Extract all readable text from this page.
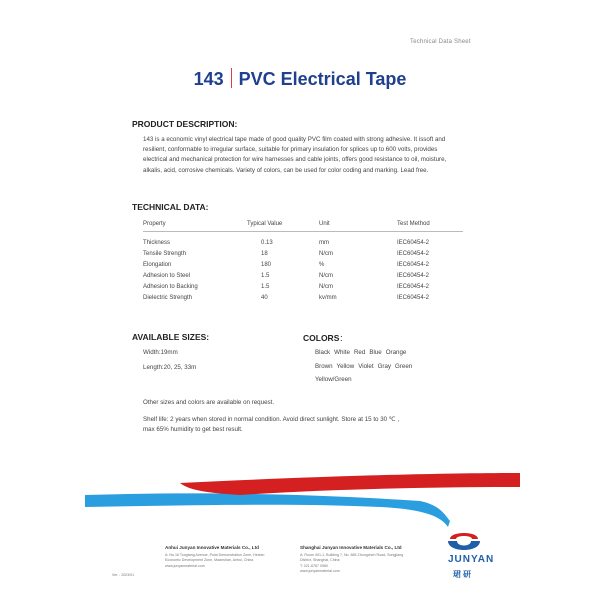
Technical Data Sheet
143 PVC Electrical Tape
PRODUCT DESCRIPTION:
143 is a economic vinyl electrical tape made of good quality PVC film coated with strong adhesive. It issoft and
resilient, conformable to irregular surface, suitable for primary insulation for splices up to 600 volts, provides
electrical and mechanical protection for wire harnesses and cable joints, offers good resistance to oil, moisture,
alkalis, acid, corrosive chemicals. Variety of colors, can be used for color coding and marking. Lead free.
TECHNICAL DATA:
Property	Typical Value	Unit	Test Method

Thickness	0.13	mm	IEC60454-2
Tensile Strength	18	N/cm	IEC60454-2
Elongation	180	%	IEC60454-2
Adhesion to Steel	1.5	N/cm	IEC60454-2
Adhesion to Backing	1.5	N/cm	IEC60454-2
Dielectric Strength	40	kv/mm	IEC60454-2
AVAILABLE SIZES:
Width:19mm
Length:20, 25, 33m
COLORS：
Black White Red Blue Orange
Brown Yellow Violet Gray Green
Yellow/Green
Other sizes and colors are available on request.
Shelf life: 2 years when stored in normal condition. Avoid direct sunlight. Store at 15 to 30 ℃ ,
max 65% humidity to get best result.
Anhui Junyan Innovative Materials Co., Ltd
A: No.16 Tongtang Avenue, Pulai Demonstration Zone, Hexian
Economic Development Zone, Maanshan, Anhui, China
www.junyanmaterial.com
Shanghai Junyan Innovative Materials Co., Ltd
A: Room 401-1, Building 7, No. 685 Zhongchen Road, Songjiang
District, Shanghai, China
T: 021-6767 0980
www.junyanmaterial.com
Ver. : 2023/01
JUNYAN
珺研
